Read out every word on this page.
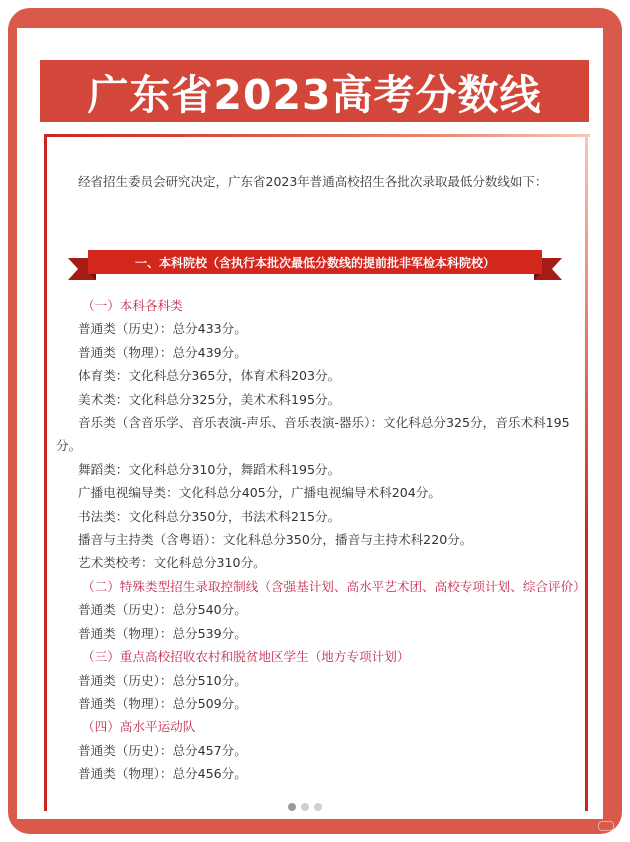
广东省2023高考分数线
经省招生委员会研究决定，广东省2023年普通高校招生各批次录取最低分数线如下：
一、本科院校（含执行本批次最低分数线的提前批非军检本科院校）

（一）本科各科类

普通类（历史）：总分433分。

普通类（物理）：总分439分。

体育类：文化科总分365分，体育术科203分。

美术类：文化科总分325分，美术术科195分。

音乐类（含音乐学、音乐表演-声乐、音乐表演-器乐）：文化科总分325分，音乐术科195分。

舞蹈类：文化科总分310分，舞蹈术科195分。

广播电视编导类：文化科总分405分，广播电视编导术科204分。

书法类：文化科总分350分，书法术科215分。

播音与主持类（含粤语）：文化科总分350分，播音与主持术科220分。

艺术类校考：文化科总分310分。

（二）特殊类型招生录取控制线（含强基计划、高水平艺术团、高校专项计划、综合评价）

普通类（历史）：总分540分。

普通类（物理）：总分539分。

（三）重点高校招收农村和脱贫地区学生（地方专项计划）

普通类（历史）：总分510分。

普通类（物理）：总分509分。

（四）高水平运动队

普通类（历史）：总分457分。

普通类（物理）：总分456分。
